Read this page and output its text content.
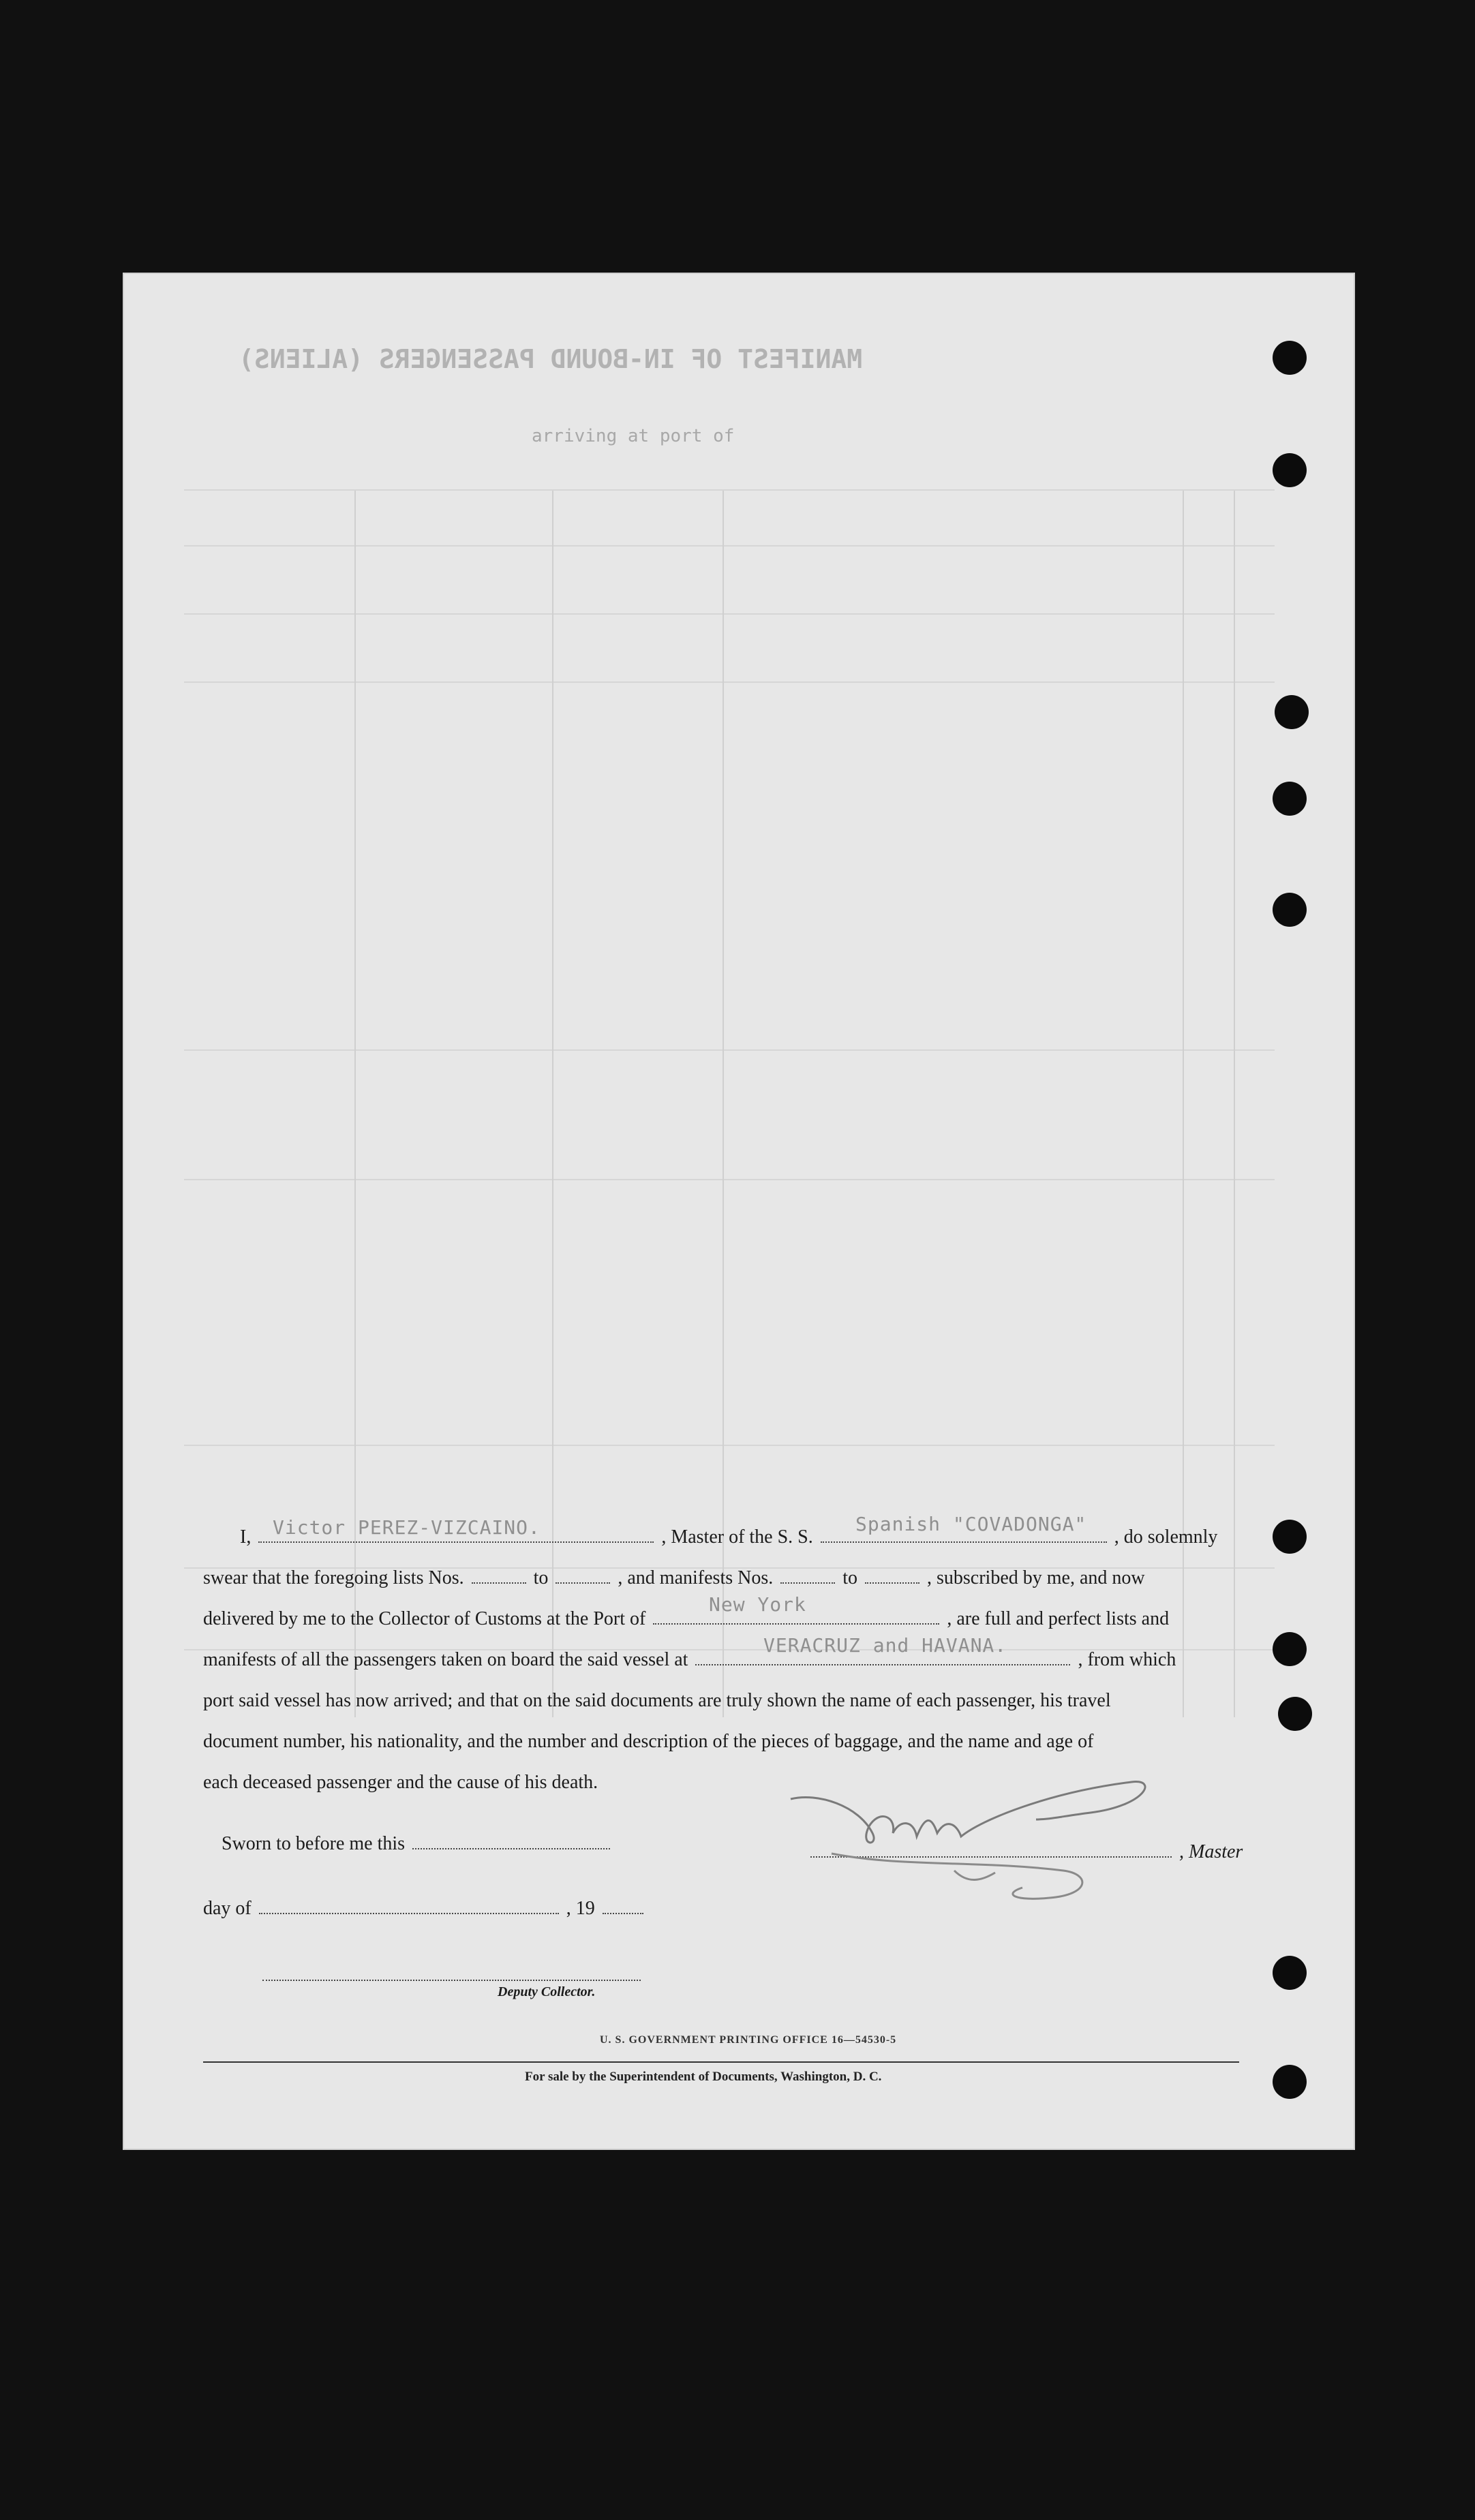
MANIFEST OF IN-BOUND PASSENGERS (ALIENS)
arriving at port of
I,	, Master of the S. S.	, do solemnly
Victor PEREZ-VIZCAINO.	Spanish "COVADONGA"
swear that the foregoing lists Nos.	to	, and manifests Nos.	to	, subscribed by me, and now
delivered by me to the Collector of Customs at the Port of	, are full and perfect lists and
New York
manifests of all the passengers taken on board the said vessel at	, from which
VERACRUZ and HAVANA.
port said vessel has now arrived; and that on the said documents are truly shown the name of each passenger, his travel
document number, his nationality, and the number and description of the pieces of baggage, and the name and age of
each deceased passenger and the cause of his death.
Sworn to before me this	, Master
day of	, 19
Deputy Collector.
U. S. GOVERNMENT PRINTING OFFICE 16—54530-5
For sale by the Superintendent of Documents, Washington, D. C.
